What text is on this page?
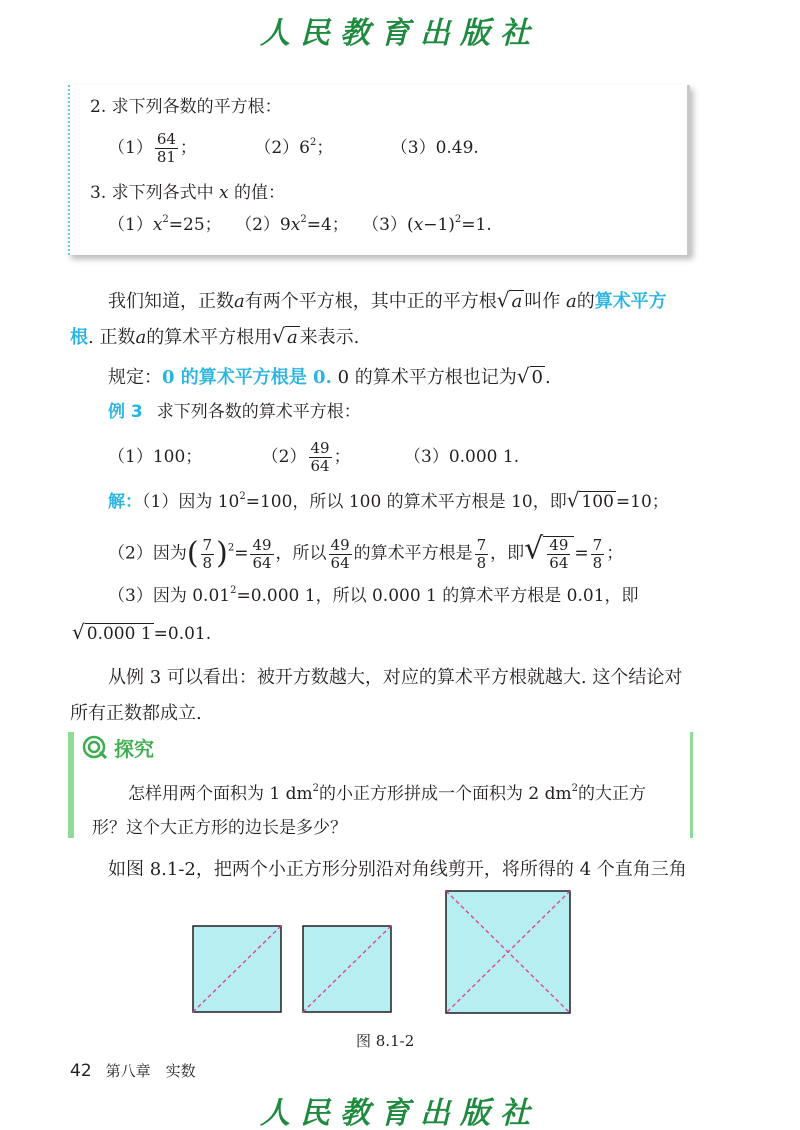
人民教育出版社
2. 求下列各数的平方根：
$(1) \frac{64}{81}$ ；	$(2)6^2$；	（3）0.49.
3. 求下列各式中 x 的值：
$(1)x^2=25$； $(2)9x^2=4$； $(3)(x-1)^2=1$.
我们知道，正数a有两个平方根，其中正的平方根√ a 叫作 a的算术平方
根. 正数a的算术平方根用√ a 来表示.
规定：0 的算术平方根是 0. 0 的算术平方根也记为√ 0 .
例 3 求下列各数的算术平方根：
（1）100；	$(2) \frac{49}{64}$ ；	（3）0.000 1.
解：（1）因为 $10^2=100$，所以 100 的算术平方根是 10，即√ 100 =10；
（2）因为( $\frac{7}{8} )^2= \frac{49}{64}$ ，所以 $\frac{49}{64}$ 的算术平方根是 $\frac{7}{8}$ ，即√ $\frac{49}{64} = \frac{7}{8}$ ；
（3）因为 $0.01^2=0.000$ 1，所以 0.000 1 的算术平方根是 0.01，即
√ 0.000 1 =0.01.
从例 3 可以看出：被开方数越大，对应的算术平方根就越大. 这个结论对
所有正数都成立.
探究
怎样用两个面积为 1 $dm^2$的小正方形拼成一个面积为 2 $dm^2$的大正方
形？这个大正方形的边长是多少？
如图 8.1-2，把两个小正方形分别沿对角线剪开，将所得的 4 个直角三角
图 8.1-2
42 第八章　实数
人民教育出版社
